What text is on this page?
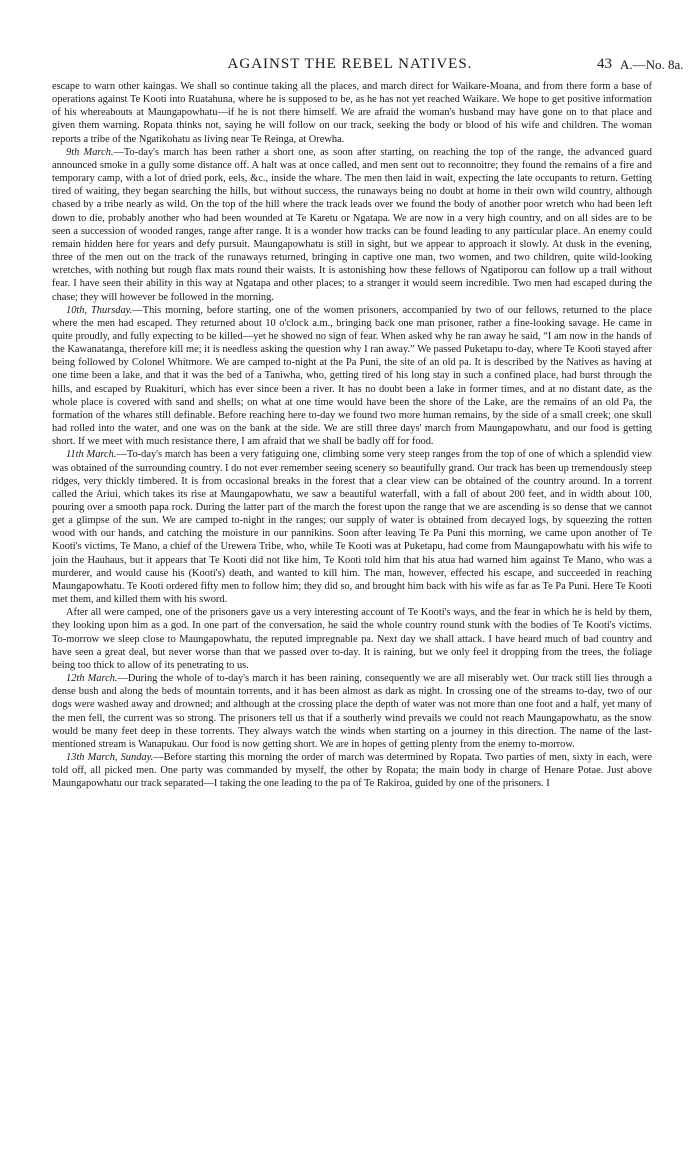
AGAINST THE REBEL NATIVES.	43 A.—No. 8a.

escape to warn other kaingas. We shall so continue taking all the places, and march direct for Waikare-Moana, and from there form a base of operations against Te Kooti into Ruatahuna, where he is supposed to be, as he has not yet reached Waikare. We hope to get positive information of his whereabouts at Maungapowhatu—if he is not there himself. We are afraid the woman's husband may have gone on to that place and given them warning. Ropata thinks not, saying he will follow on our track, seeking the body or blood of his wife and children. The woman reports a tribe of the Ngatikohatu as living near Te Reinga, at Orewha.

9th March.—To-day's march has been rather a short one, as soon after starting, on reaching the top of the range, the advanced guard announced smoke in a gully some distance off. A halt was at once called, and men sent out to reconnoitre; they found the remains of a fire and temporary camp, with a lot of dried pork, eels, &c., inside the whare. The men then laid in wait, expecting the late occupants to return. Getting tired of waiting, they began searching the hills, but without success, the runaways being no doubt at home in their own wild country, although chased by a tribe nearly as wild. On the top of the hill where the track leads over we found the body of another poor wretch who had been left down to die, probably another who had been wounded at Te Karetu or Ngatapa. We are now in a very high country, and on all sides are to be seen a succession of wooded ranges, range after range. It is a wonder how tracks can be found leading to any particular place. An enemy could remain hidden here for years and defy pursuit. Maungapowhatu is still in sight, but we appear to approach it slowly. At dusk in the evening, three of the men out on the track of the runaways returned, bringing in captive one man, two women, and two children, quite wild-looking wretches, with nothing but rough flax mats round their waists. It is astonishing how these fellows of Ngatiporou can follow up a trail without fear. I have seen their ability in this way at Ngatapa and other places; to a stranger it would seem incredible. Two men had escaped during the chase; they will however be followed in the morning.

10th, Thursday.—This morning, before starting, one of the women prisoners, accompanied by two of our fellows, returned to the place where the men had escaped. They returned about 10 o'clock a.m., bringing back one man prisoner, rather a fine-looking savage. He came in quite proudly, and fully expecting to be killed—yet he showed no sign of fear. When asked why he ran away he said, “I am now in the hands of the Kawanatanga, therefore kill me; it is needless asking the question why I ran away.” We passed Puketapu to-day, where Te Kooti stayed after being followed by Colonel Whitmore. We are camped to-night at the Pa Puni, the site of an old pa. It is described by the Natives as having at one time been a lake, and that it was the bed of a Taniwha, who, getting tired of his long stay in such a confined place, had burst through the hills, and escaped by Ruakituri, which has ever since been a river. It has no doubt been a lake in former times, and at no distant date, as the whole place is covered with sand and shells; on what at one time would have been the shore of the Lake, are the remains of an old Pa, the formation of the whares still definable. Before reaching here to-day we found two more human remains, by the side of a small creek; one skull had rolled into the water, and one was on the bank at the side. We are still three days' march from Maungapowhatu, and our food is getting short. If we meet with much resistance there, I am afraid that we shall be badly off for food.

11th March.—To-day's march has been a very fatiguing one, climbing some very steep ranges from the top of one of which a splendid view was obtained of the surrounding country. I do not ever remember seeing scenery so beautifully grand. Our track has been up tremendously steep ridges, very thickly timbered. It is from occasional breaks in the forest that a clear view can be obtained of the country around. In a torrent called the Ariui, which takes its rise at Maungapowhatu, we saw a beautiful waterfall, with a fall of about 200 feet, and in width about 100, pouring over a smooth papa rock. During the latter part of the march the forest upon the range that we are ascending is so dense that we cannot get a glimpse of the sun. We are camped to-night in the ranges; our supply of water is obtained from decayed logs, by squeezing the rotten wood with our hands, and catching the moisture in our pannikins. Soon after leaving Te Pa Puni this morning, we came upon another of Te Kooti's victims, Te Mano, a chief of the Urewera Tribe, who, while Te Kooti was at Puketapu, had come from Maungapowhatu with his wife to join the Hauhaus, but it appears that Te Kooti did not like him, Te Kooti told him that his atua had warned him against Te Mano, who was a murderer, and would cause his (Kooti's) death, and wanted to kill him. The man, however, effected his escape, and succeeded in reaching Maungapowhatu. Te Kooti ordered fifty men to follow him; they did so, and brought him back with his wife as far as Te Pa Puni. Here Te Kooti met them, and killed them with his sword.

After all were camped, one of the prisoners gave us a very interesting account of Te Kooti's ways, and the fear in which he is held by them, they looking upon him as a god. In one part of the conversation, he said the whole country round stunk with the bodies of Te Kooti's victims. To-morrow we sleep close to Maungapowhatu, the reputed impregnable pa. Next day we shall attack. I have heard much of bad country and have seen a great deal, but never worse than that we passed over to-day. It is raining, but we only feel it dropping from the trees, the foliage being too thick to allow of its penetrating to us.

12th March.—During the whole of to-day's march it has been raining, consequently we are all miserably wet. Our track still lies through a dense bush and along the beds of mountain torrents, and it has been almost as dark as night. In crossing one of the streams to-day, two of our dogs were washed away and drowned; and although at the crossing place the depth of water was not more than one foot and a half, yet many of the men fell, the current was so strong. The prisoners tell us that if a southerly wind prevails we could not reach Maungapowhatu, as the snow would be many feet deep in these torrents. They always watch the winds when starting on a journey in this direction. The name of the last-mentioned stream is Wanapukau. Our food is now getting short. We are in hopes of getting plenty from the enemy to-morrow.

13th March, Sunday.—Before starting this morning the order of march was determined by Ropata. Two parties of men, sixty in each, were told off, all picked men. One party was commanded by myself, the other by Ropata; the main body in charge of Henare Potae. Just above Maungapowhatu our track separated—I taking the one leading to the pa of Te Rakiroa, guided by one of the prisoners. I
